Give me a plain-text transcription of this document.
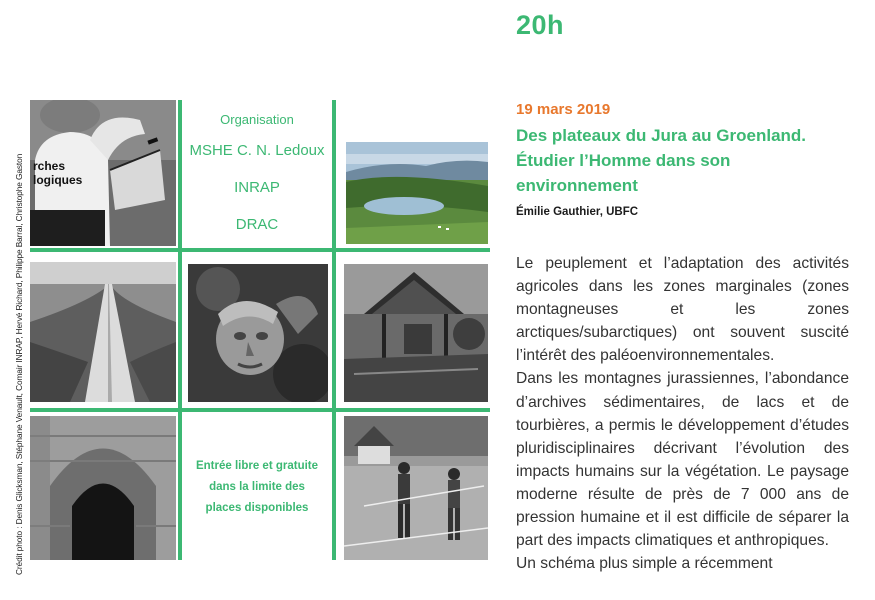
20h
Crédit photo : Denis Glicksman, Stéphane Venault, Comair INRAP, Hervé Richard, Philippe Barral, Christophe Gaston rches
logiques
Organisation
MSHE C. N. Ledoux
INRAP
DRAC
Entrée libre et gratuite
dans la limite des
places disponibles
19 mars 2019
Des plateaux du Jura au Groenland. Étudier l’Homme dans son environnement
Émilie Gauthier, UBFC

Le peuplement et l’adaptation des activités agricoles dans les zones marginales (zones montagneuses et les zones arctiques/subarctiques) ont souvent suscité l’intérêt des paléoenvironnementales.

Dans les montagnes jurassiennes, l’abondance d’archives sédimentaires, de lacs et de tourbières, a permis le développement d’études pluridisciplinaires décrivant l’évolution des impacts humains sur la végétation. Le paysage moderne résulte de près de 7 000 ans de pression humaine et il est difficile de séparer la part des impacts climatiques et anthropiques.

Un schéma plus simple a récemment
